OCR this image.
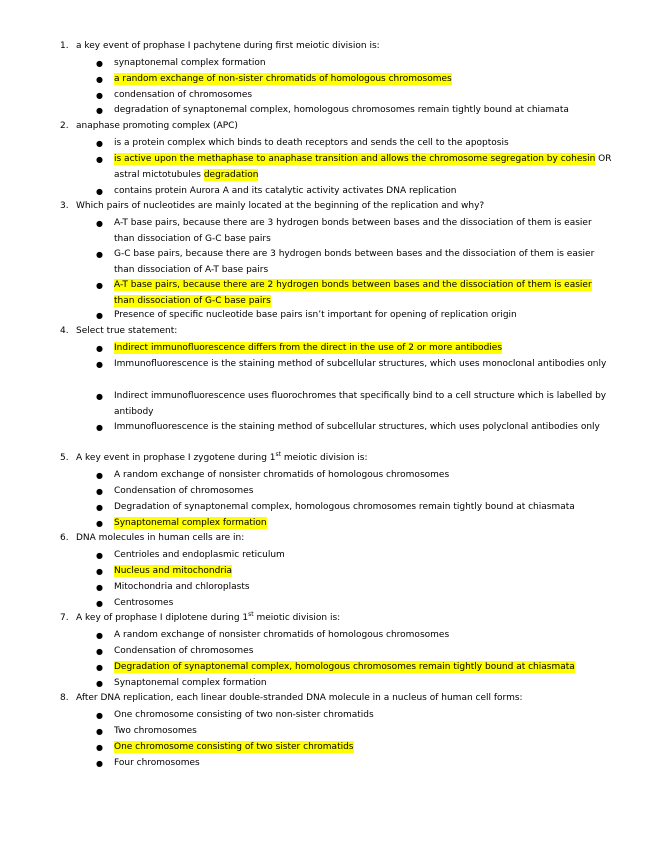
1. a key event of prophase I pachytene during first meiotic division is:
● synaptonemal complex formation
● a random exchange of non-sister chromatids of homologous chromosomes
● condensation of chromosomes
● degradation of synaptonemal complex, homologous chromosomes remain tightly bound at chiamata
2. anaphase promoting complex (APC)
● is a protein complex which binds to death receptors and sends the cell to the apoptosis
● is active upon the methaphase to anaphase transition and allows the chromosome segregation by cohesin OR astral mictotubules degradation
● contains protein Aurora A and its catalytic activity activates DNA replication
3. Which pairs of nucleotides are mainly located at the beginning of the replication and why?
● A-T base pairs, because there are 3 hydrogen bonds between bases and the dissociation of them is easier than dissociation of G-C base pairs
● G-C base pairs, because there are 3 hydrogen bonds between bases and the dissociation of them is easier than dissociation of A-T base pairs
● A-T base pairs, because there are 2 hydrogen bonds between bases and the dissociation of them is easier than dissociation of G-C base pairs
● Presence of specific nucleotide base pairs isn’t important for opening of replication origin
4. Select true statement:
● Indirect immunofluorescence differs from the direct in the use of 2 or more antibodies
● Immunofluorescence is the staining method of subcellular structures, which uses monoclonal antibodies only
● Indirect immunofluorescence uses fluorochromes that specifically bind to a cell structure which is labelled by antibody
● Immunofluorescence is the staining method of subcellular structures, which uses polyclonal antibodies only
5. A key event in prophase I zygotene during 1st meiotic division is:
● A random exchange of nonsister chromatids of homologous chromosomes
● Condensation of chromosomes
● Degradation of synaptonemal complex, homologous chromosomes remain tightly bound at chiasmata
● Synaptonemal complex formation
6. DNA molecules in human cells are in:
● Centrioles and endoplasmic reticulum
● Nucleus and mitochondria
● Mitochondria and chloroplasts
● Centrosomes
7. A key of prophase I diplotene during 1st meiotic division is:
● A random exchange of nonsister chromatids of homologous chromosomes
● Condensation of chromosomes
● Degradation of synaptonemal complex, homologous chromosomes remain tightly bound at chiasmata
● Synaptonemal complex formation
8. After DNA replication, each linear double-stranded DNA molecule in a nucleus of human cell forms:
● One chromosome consisting of two non-sister chromatids
● Two chromosomes
● One chromosome consisting of two sister chromatids
● Four chromosomes
